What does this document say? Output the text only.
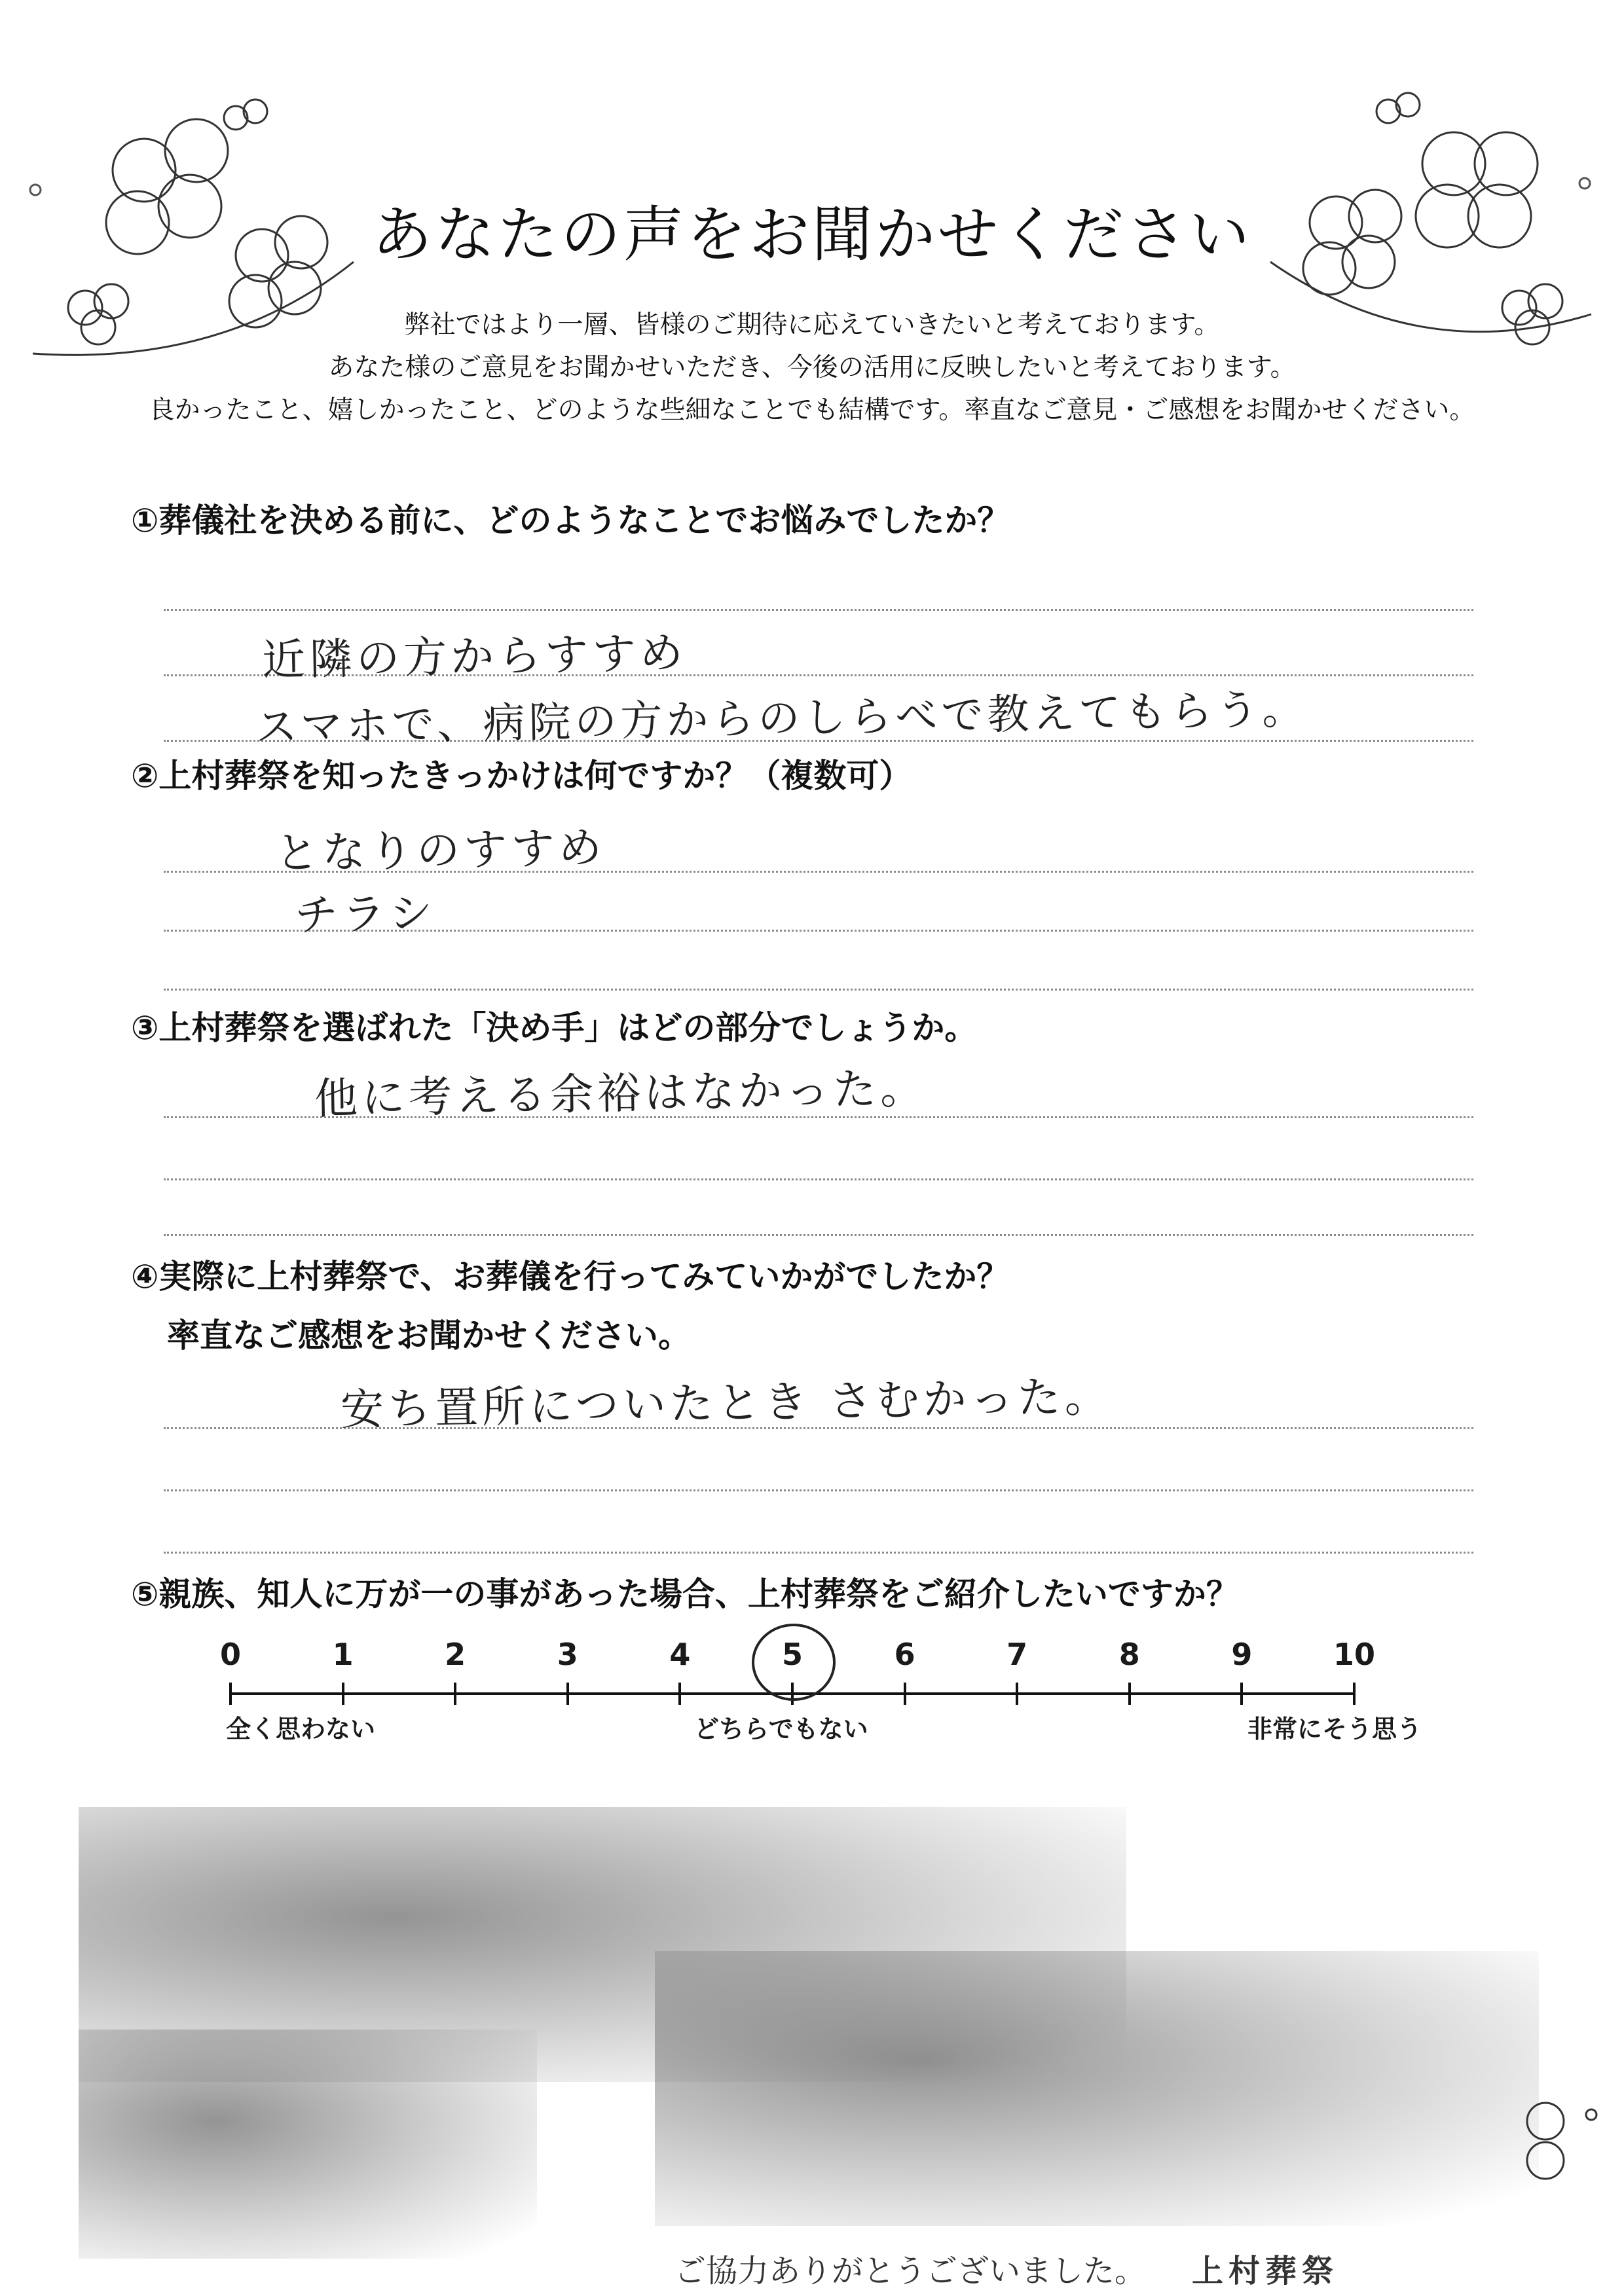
あなたの声をお聞かせください
弊社ではより一層、皆様のご期待に応えていきたいと考えております。
あなた様のご意見をお聞かせいただき、今後の活用に反映したいと考えております。
良かったこと、嬉しかったこと、どのような些細なことでも結構です。率直なご意見・ご感想をお聞かせください。
①葬儀社を決める前に、どのようなことでお悩みでしたか？
近隣の方からすすめ
スマホで、病院の方からのしらべで教えてもらう。
②上村葬祭を知ったきっかけは何ですか？（複数可）
となりのすすめ
チラシ
③上村葬祭を選ばれた「決め手」はどの部分でしょうか。
他に考える余裕はなかった。
④実際に上村葬祭で、お葬儀を行ってみていかがでしたか？
率直なご感想をお聞かせください。
安ち置所についたとき さむかった。
⑤親族、知人に万が一の事があった場合、上村葬祭をご紹介したいですか？
0	1	2	3	4	5	6	7	8	9	10
全く思わない	どちらでもない	非常にそう思う
ご協力ありがとうございました。 上村葬祭
